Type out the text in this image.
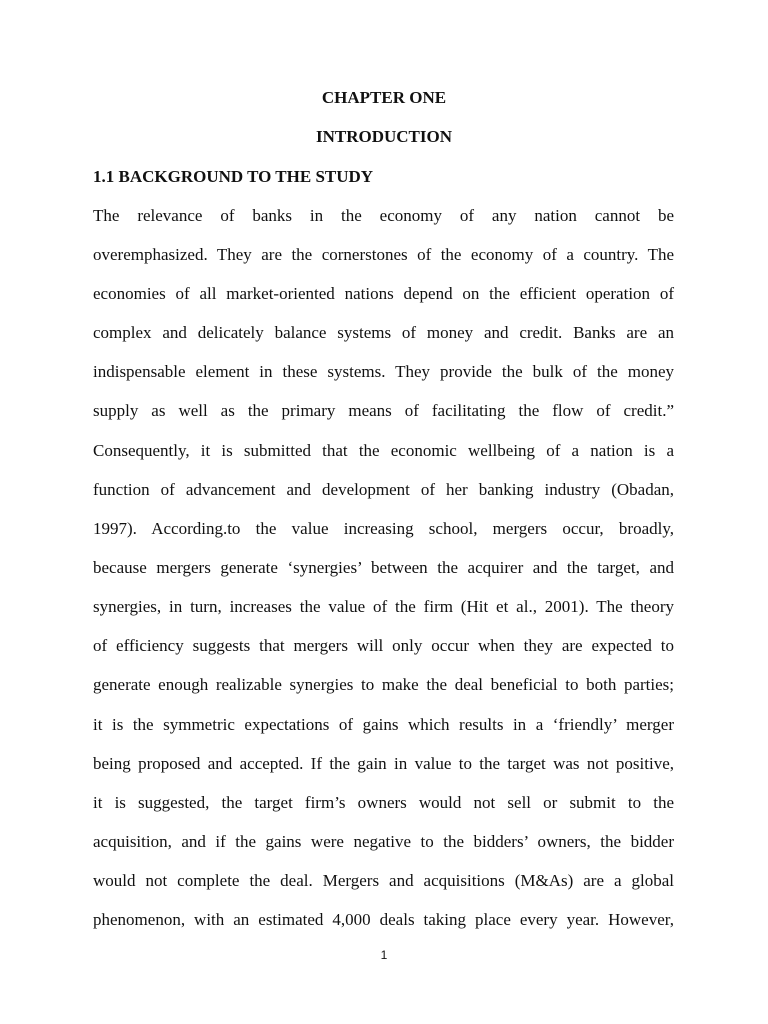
CHAPTER ONE
INTRODUCTION
1.1 BACKGROUND TO THE STUDY
The relevance of banks in the economy of any nation cannot be
overemphasized. They are the cornerstones of the economy of a country. The
economies of all market-oriented nations depend on the efficient operation of
complex and delicately balance systems of money and credit. Banks are an
indispensable element in these systems. They provide the bulk of the money
supply as well as the primary means of facilitating the flow of credit.”
Consequently, it is submitted that the economic wellbeing of a nation is a
function of advancement and development of her banking industry (Obadan,
1997). According.to the value increasing school, mergers occur, broadly,
because mergers generate ‘synergies’ between the acquirer and the target, and
synergies, in turn, increases the value of the firm (Hit et al., 2001). The theory
of efficiency suggests that mergers will only occur when they are expected to
generate enough realizable synergies to make the deal beneficial to both parties;
it is the symmetric expectations of gains which results in a ‘friendly’ merger
being proposed and accepted. If the gain in value to the target was not positive,
it is suggested, the target firm’s owners would not sell or submit to the
acquisition, and if the gains were negative to the bidders’ owners, the bidder
would not complete the deal. Mergers and acquisitions (M&As) are a global
phenomenon, with an estimated 4,000 deals taking place every year. However,
1
